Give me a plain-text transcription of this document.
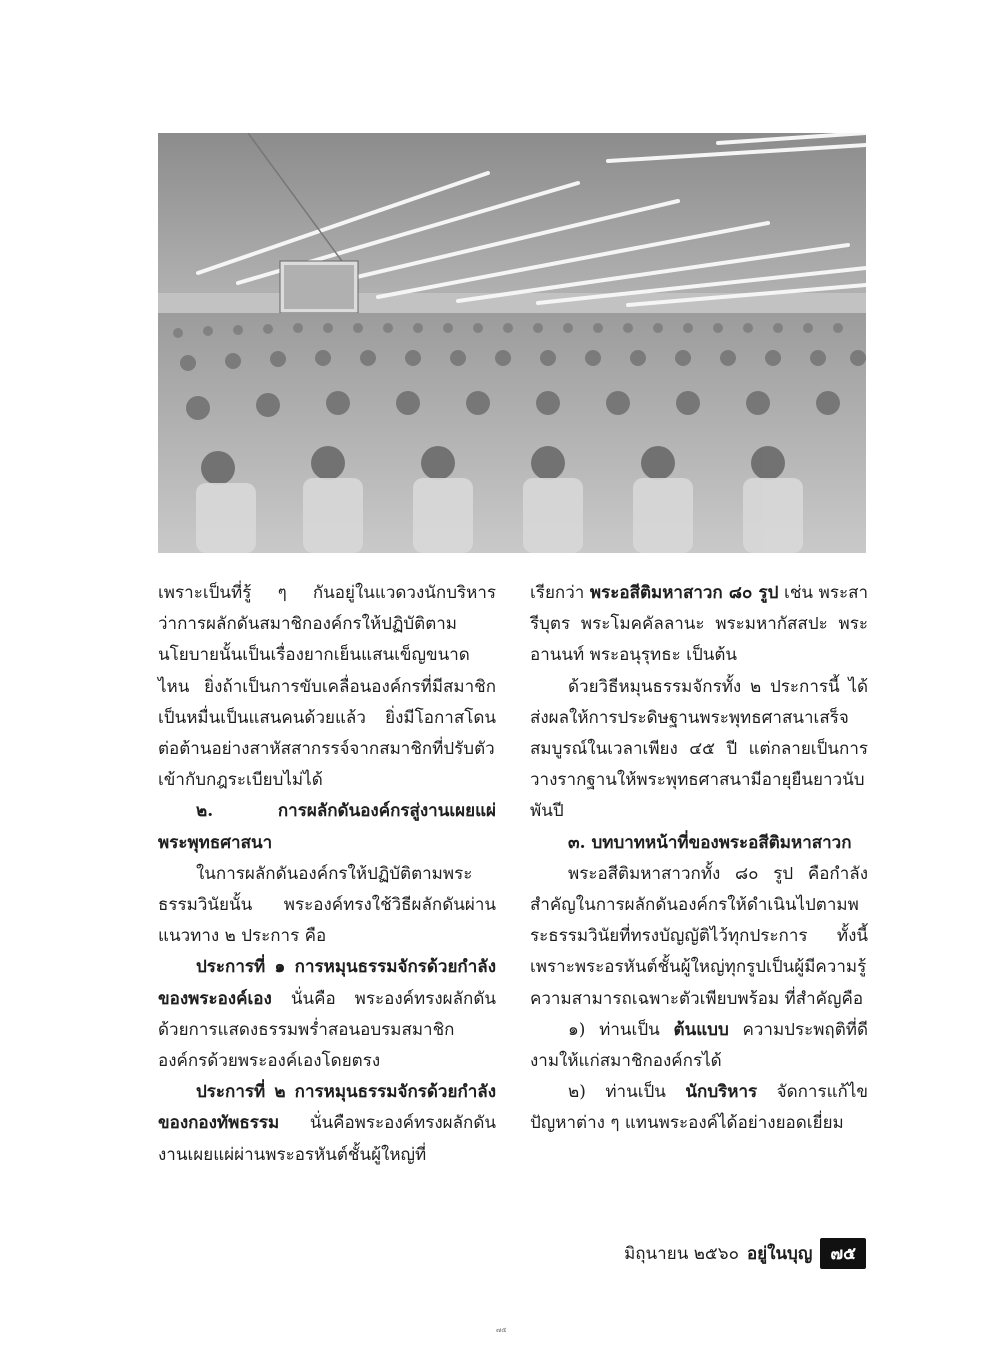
เพราะเป็นที่รู้ ๆ กันอยู่ในแวดวงนักบริหารว่าการผลักดันสมาชิกองค์กรให้ปฏิบัติตามนโยบายนั้นเป็นเรื่องยากเย็นแสนเข็ญขนาดไหน ยิ่งถ้าเป็นการขับเคลื่อนองค์กรที่มีสมาชิกเป็นหมื่นเป็นแสนคนด้วยแล้ว ยิ่งมีโอกาสโดนต่อต้านอย่างสาหัสสากรรจ์จากสมาชิกที่ปรับตัวเข้ากับกฎระเบียบไม่ได้

๒. การผลักดันองค์กรสู่งานเผยแผ่พระพุทธศาสนา

ในการผลักดันองค์กรให้ปฏิบัติตามพระธรรมวินัยนั้น พระองค์ทรงใช้วิธีผลักดันผ่านแนวทาง ๒ ประการ คือ

ประการที่ ๑ การหมุนธรรมจักรด้วยกำลังของพระองค์เอง นั่นคือ พระองค์ทรงผลักดันด้วยการแสดงธรรมพร่ำสอนอบรมสมาชิกองค์กรด้วยพระองค์เองโดยตรง

ประการที่ ๒ การหมุนธรรมจักรด้วยกำลังของกองทัพธรรม นั่นคือพระองค์ทรงผลักดันงานเผยแผ่ผ่านพระอรหันต์ชั้นผู้ใหญ่ที่

เรียกว่า พระอสีติมหาสาวก ๘๐ รูป เช่น พระสารีบุตร พระโมคคัลลานะ พระมหากัสสปะ พระอานนท์ พระอนุรุทธะ เป็นต้น

ด้วยวิธีหมุนธรรมจักรทั้ง ๒ ประการนี้ ได้ส่งผลให้การประดิษฐานพระพุทธศาสนาเสร็จสมบูรณ์ในเวลาเพียง ๔๕ ปี แต่กลายเป็นการวางรากฐานให้พระพุทธศาสนามีอายุยืนยาวนับพันปี

๓. บทบาทหน้าที่ของพระอสีติมหาสาวก

พระอสีติมหาสาวกทั้ง ๘๐ รูป คือกำลังสำคัญในการผลักดันองค์กรให้ดำเนินไปตามพระธรรมวินัยที่ทรงบัญญัติไว้ทุกประการ ทั้งนี้เพราะพระอรหันต์ชั้นผู้ใหญ่ทุกรูปเป็นผู้มีความรู้ความสามารถเฉพาะตัวเพียบพร้อม ที่สำคัญคือ

๑) ท่านเป็น ต้นแบบ ความประพฤติที่ดีงามให้แก่สมาชิกองค์กรได้

๒) ท่านเป็น นักบริหาร จัดการแก้ไขปัญหาต่าง ๆ แทนพระองค์ได้อย่างยอดเยี่ยม

มิถุนายน ๒๕๖๐ อยู่ในบุญ	๗๕
๗๕
